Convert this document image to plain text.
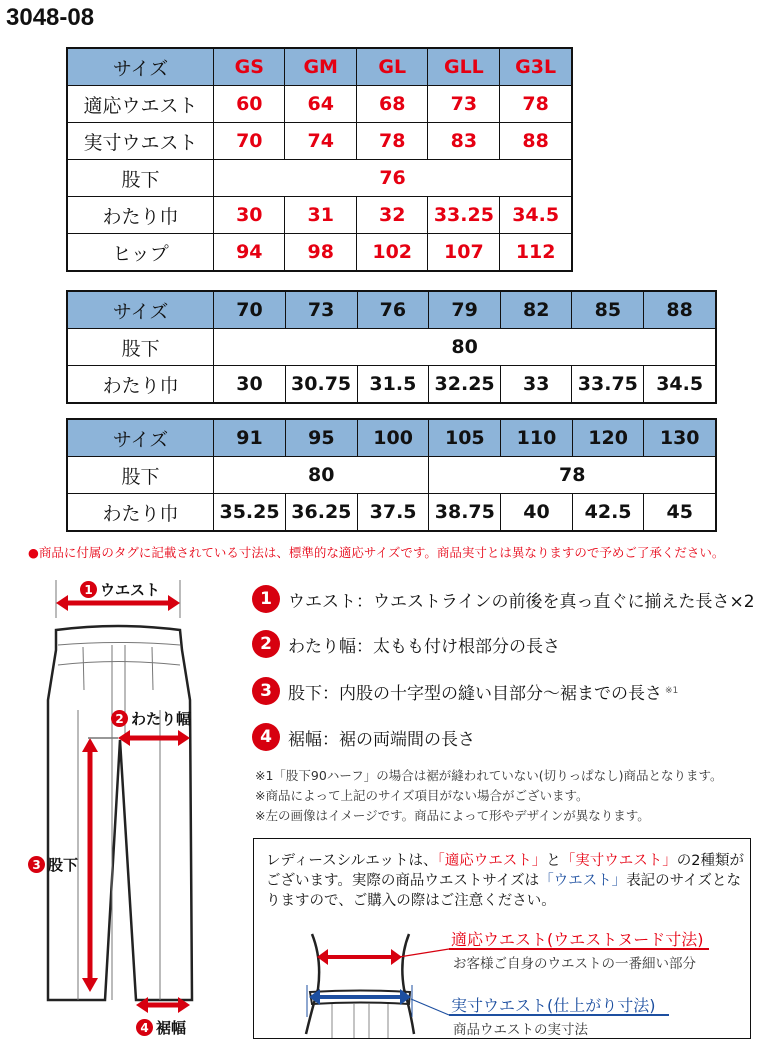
3048-08
サイズ	GS	GM	GL	GLL	G3L
適応ウエスト	60	64	68	73	78
実寸ウエスト	70	74	78	83	88
股下	76				
わたり巾	30	31	32	33.25	34.5
ヒップ	94	98	102	107	112
サイズ	70	73	76	79	82	85	88
股下	80						
わたり巾	30	30.75	31.5	32.25	33	33.75	34.5
サイズ	91	95	100	105	110	120	130
股下	80			78			
わたり巾	35.25	36.25	37.5	38.75	40	42.5	45
●商品に付属のタグに記載されている寸法は、標準的な適応サイズです。商品実寸とは異なりますので予めご了承ください。
1 ウエスト
2 わたり幅
3 股下
4 裾幅
1 ウエスト：ウエストラインの前後を真っ直ぐに揃えた長さ×2
2 わたり幅：太もも付け根部分の長さ
3 股下：内股の十字型の縫い目部分～裾までの長さ ※1
4 裾幅：裾の両端間の長さ
※1「股下90ハーフ」の場合は裾が縫われていない(切りっぱなし)商品となります。
※商品によって上記のサイズ項目がない場合がございます。
※左の画像はイメージです。商品によって形やデザインが異なります。
レディースシルエットは、「適応ウエスト」と「実寸ウエスト」の2種類がございます。実際の商品ウエストサイズは「ウエスト」表記のサイズとなりますので、ご購入の際はご注意ください。
適応ウエスト(ウエストヌード寸法)
お客様ご自身のウエストの一番細い部分
実寸ウエスト(仕上がり寸法)
商品ウエストの実寸法
